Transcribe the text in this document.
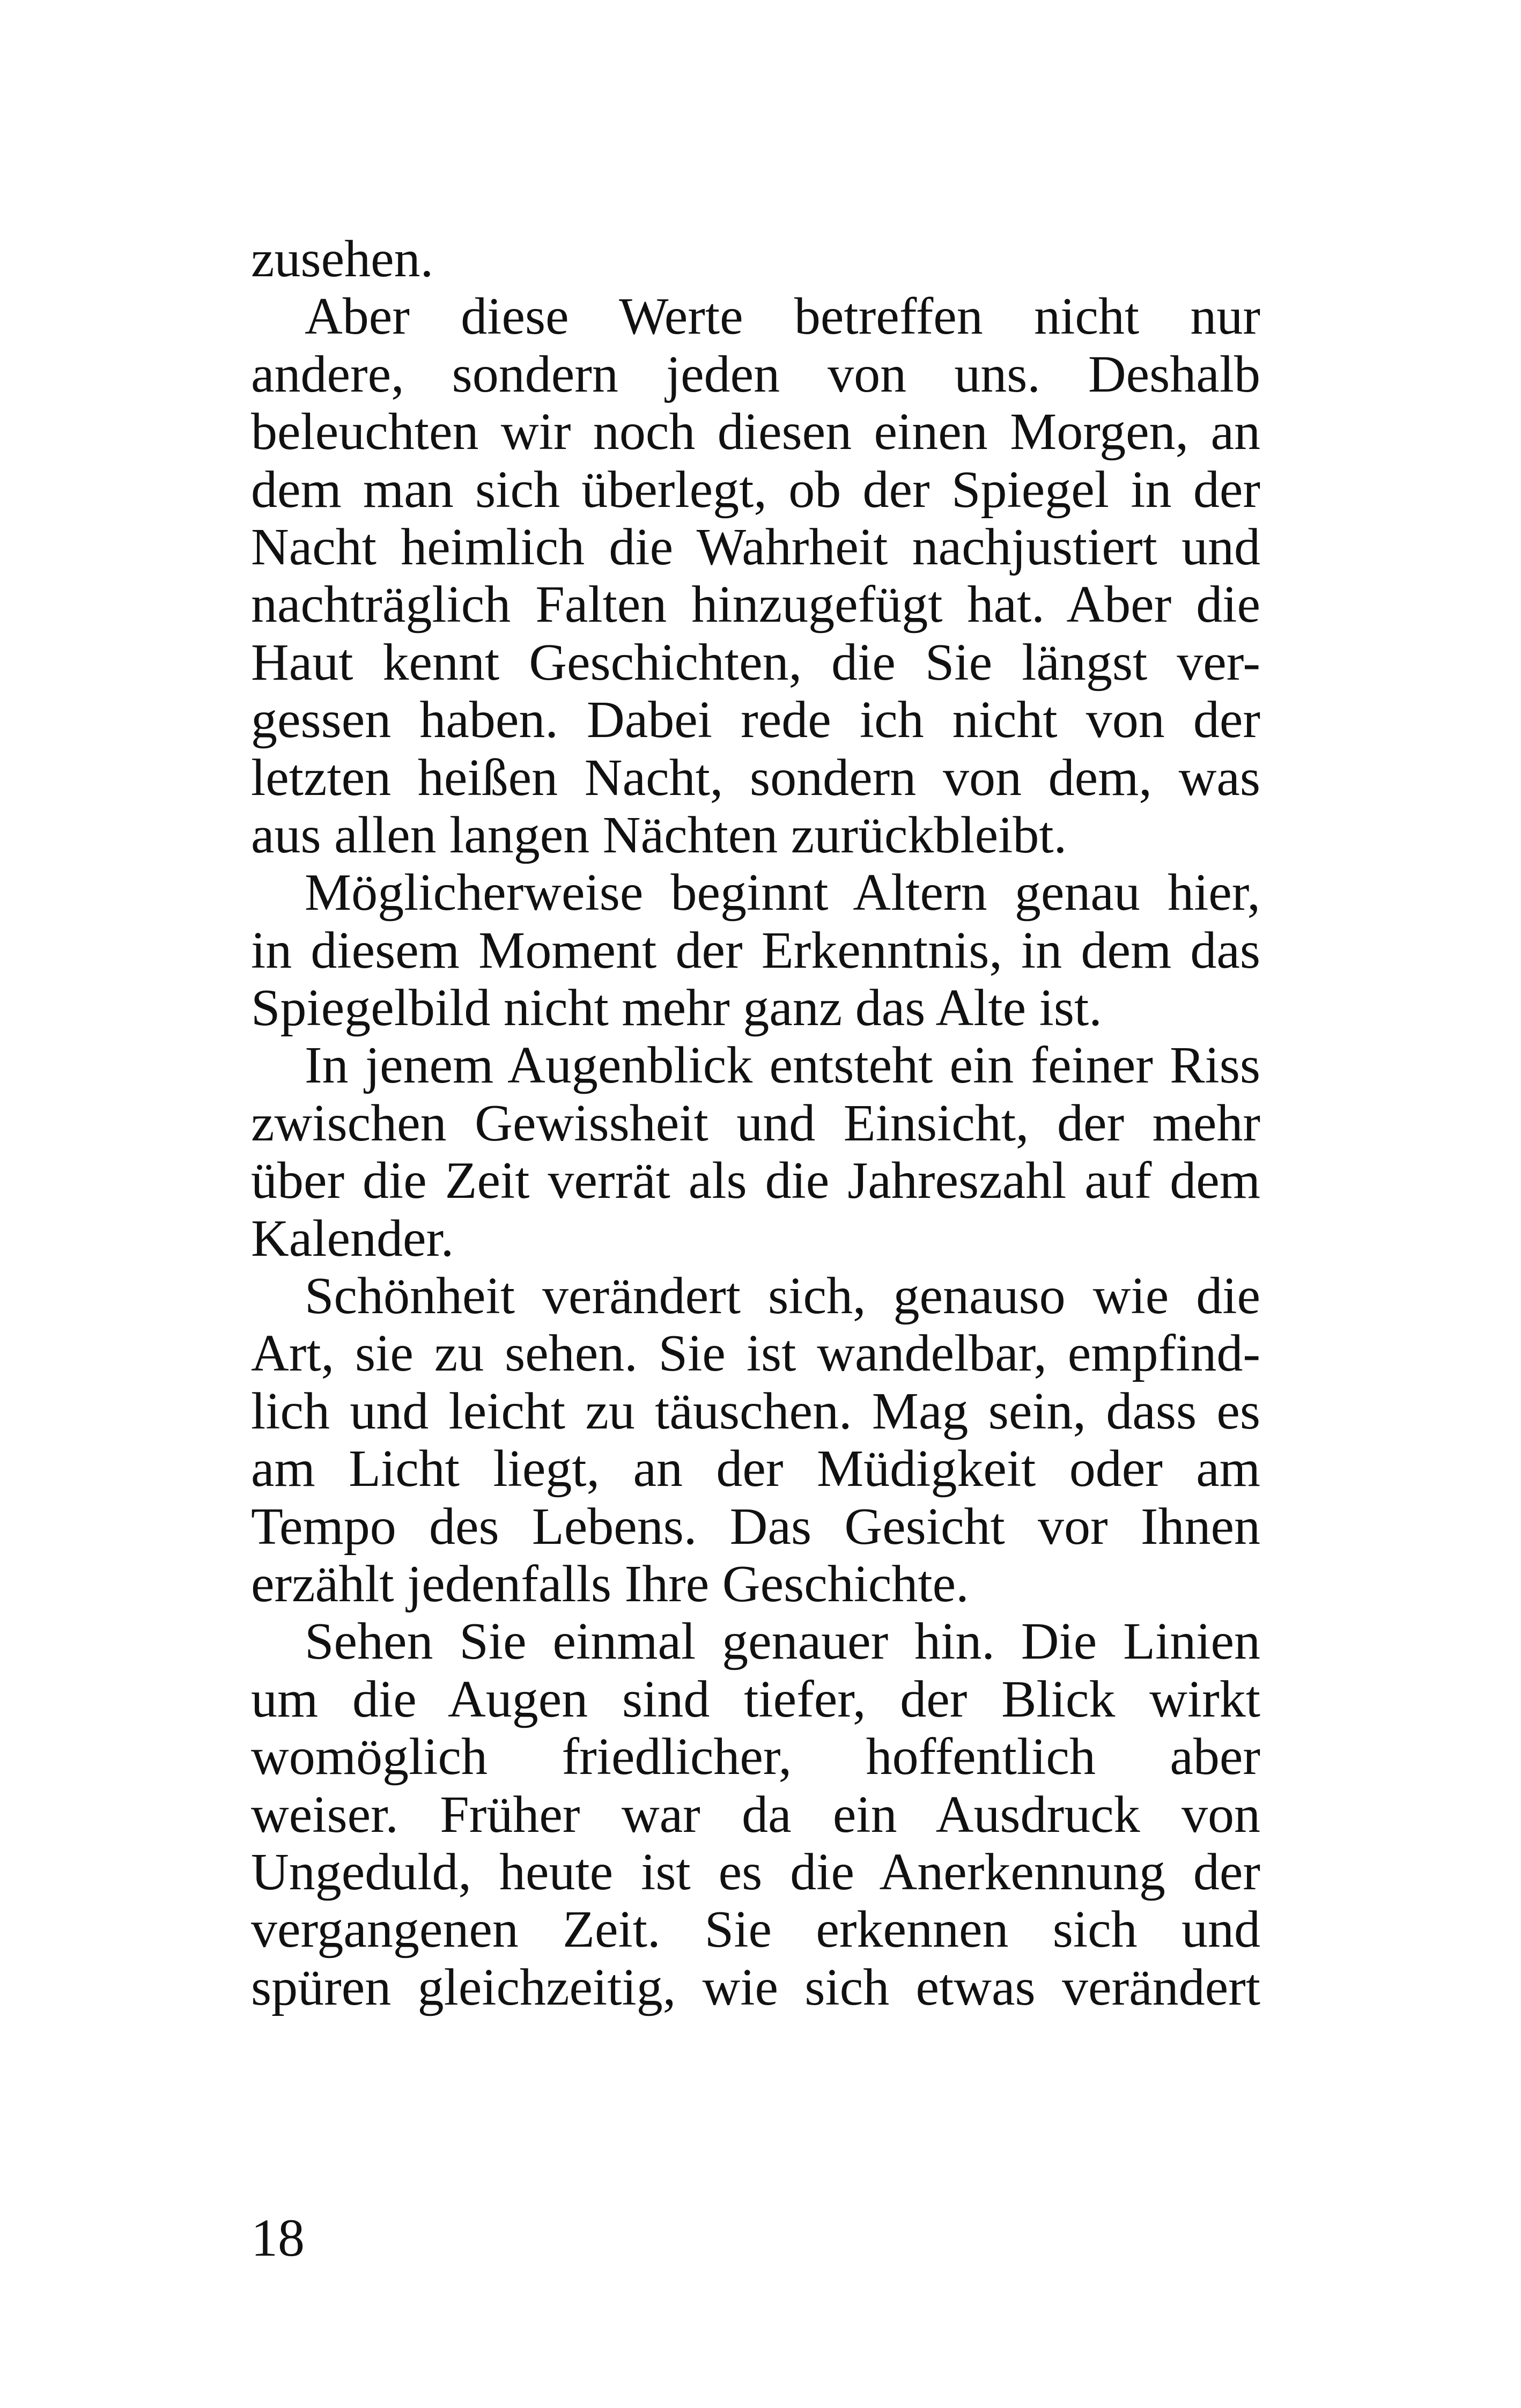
zusehen.
Aber diese Werte betreffen nicht nur
andere, sondern jeden von uns. Deshalb
beleuchten wir noch diesen einen Morgen, an
dem man sich überlegt, ob der Spiegel in der
Nacht heimlich die Wahrheit nachjustiert und
nachträglich Falten hinzugefügt hat. Aber die
Haut kennt Geschichten, die Sie längst ver-
gessen haben. Dabei rede ich nicht von der
letzten heißen Nacht, sondern von dem, was
aus allen langen Nächten zurückbleibt.
Möglicherweise beginnt Altern genau hier,
in diesem Moment der Erkenntnis, in dem das
Spiegelbild nicht mehr ganz das Alte ist.
In jenem Augenblick entsteht ein feiner Riss
zwischen Gewissheit und Einsicht, der mehr
über die Zeit verrät als die Jahreszahl auf dem
Kalender.
Schönheit verändert sich, genauso wie die
Art, sie zu sehen. Sie ist wandelbar, empfind-
lich und leicht zu täuschen. Mag sein, dass es
am Licht liegt, an der Müdigkeit oder am
Tempo des Lebens. Das Gesicht vor Ihnen
erzählt jedenfalls Ihre Geschichte.
Sehen Sie einmal genauer hin. Die Linien
um die Augen sind tiefer, der Blick wirkt
womöglich friedlicher, hoffentlich aber
weiser. Früher war da ein Ausdruck von
Ungeduld, heute ist es die Anerkennung der
vergangenen Zeit. Sie erkennen sich und
spüren gleichzeitig, wie sich etwas verändert
18
